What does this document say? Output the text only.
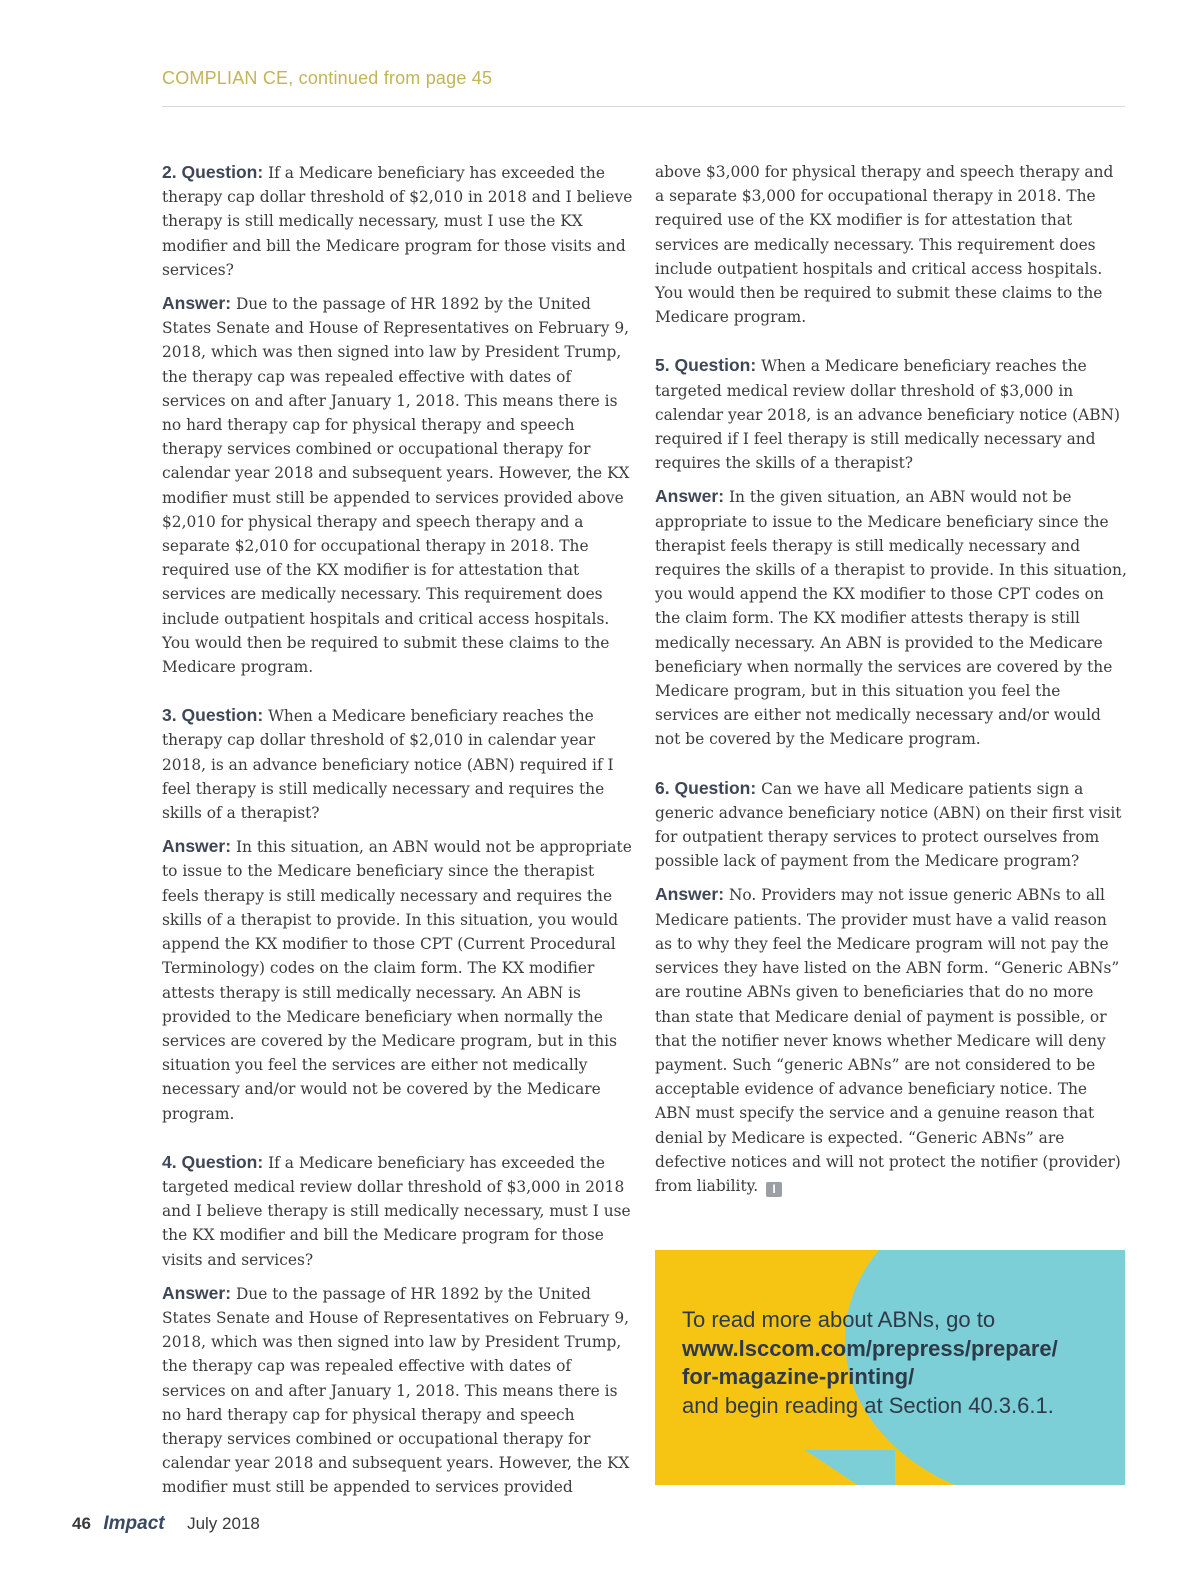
COMPLIAN CE, continued from page 45

2. Question: If a Medicare beneficiary has exceeded the therapy cap dollar threshold of $2,010 in 2018 and I believe therapy is still medically necessary, must I use the KX modifier and bill the Medicare program for those visits and services?

Answer: Due to the passage of HR 1892 by the United States Senate and House of Representatives on February 9, 2018, which was then signed into law by President Trump, the therapy cap was repealed effective with dates of services on and after January 1, 2018. This means there is no hard therapy cap for physical therapy and speech therapy services combined or occupational therapy for calendar year 2018 and subsequent years. However, the KX modifier must still be appended to services provided above $2,010 for physical therapy and speech therapy and a separate $2,010 for occupational therapy in 2018. The required use of the KX modifier is for attestation that services are medically necessary. This requirement does include outpatient hospitals and critical access hospitals. You would then be required to submit these claims to the Medicare program.

3. Question: When a Medicare beneficiary reaches the therapy cap dollar threshold of $2,010 in calendar year 2018, is an advance beneficiary notice (ABN) required if I feel therapy is still medically necessary and requires the skills of a therapist?

Answer: In this situation, an ABN would not be appropriate to issue to the Medicare beneficiary since the therapist feels therapy is still medically necessary and requires the skills of a therapist to provide. In this situation, you would append the KX modifier to those CPT (Current Procedural Terminology) codes on the claim form. The KX modifier attests therapy is still medically necessary. An ABN is provided to the Medicare beneficiary when normally the services are covered by the Medicare program, but in this situation you feel the services are either not medically necessary and/or would not be covered by the Medicare program.

4. Question: If a Medicare beneficiary has exceeded the targeted medical review dollar threshold of $3,000 in 2018 and I believe therapy is still medically necessary, must I use the KX modifier and bill the Medicare program for those visits and services?

Answer: Due to the passage of HR 1892 by the United States Senate and House of Representatives on February 9, 2018, which was then signed into law by President Trump, the therapy cap was repealed effective with dates of services on and after January 1, 2018. This means there is no hard therapy cap for physical therapy and speech therapy services combined or occupational therapy for calendar year 2018 and subsequent years. However, the KX modifier must still be appended to services provided

above $3,000 for physical therapy and speech therapy and a separate $3,000 for occupational therapy in 2018. The required use of the KX modifier is for attestation that services are medically necessary. This requirement does include outpatient hospitals and critical access hospitals. You would then be required to submit these claims to the Medicare program.

5. Question: When a Medicare beneficiary reaches the targeted medical review dollar threshold of $3,000 in calendar year 2018, is an advance beneficiary notice (ABN) required if I feel therapy is still medically necessary and requires the skills of a therapist?

Answer: In the given situation, an ABN would not be appropriate to issue to the Medicare beneficiary since the therapist feels therapy is still medically necessary and requires the skills of a therapist to provide. In this situation, you would append the KX modifier to those CPT codes on the claim form. The KX modifier attests therapy is still medically necessary. An ABN is provided to the Medicare beneficiary when normally the services are covered by the Medicare program, but in this situation you feel the services are either not medically necessary and/or would not be covered by the Medicare program.

6. Question: Can we have all Medicare patients sign a generic advance beneficiary notice (ABN) on their first visit for outpatient therapy services to protect ourselves from possible lack of payment from the Medicare program?

Answer: No. Providers may not issue generic ABNs to all Medicare patients. The provider must have a valid reason as to why they feel the Medicare program will not pay the services they have listed on the ABN form. “Generic ABNs” are routine ABNs given to beneficiaries that do no more than state that Medicare denial of payment is possible, or that the notifier never knows whether Medicare will deny payment. Such “generic ABNs” are not considered to be acceptable evidence of advance beneficiary notice. The ABN must specify the service and a genuine reason that denial by Medicare is expected. “Generic ABNs” are defective notices and will not protect the notifier (provider) from liability. I

To read more about ABNs, go to
www.lsccom.com/prepress/prepare/
for-magazine-printing/
and begin reading at Section 40.3.6.1.
46 Impact July 2018
